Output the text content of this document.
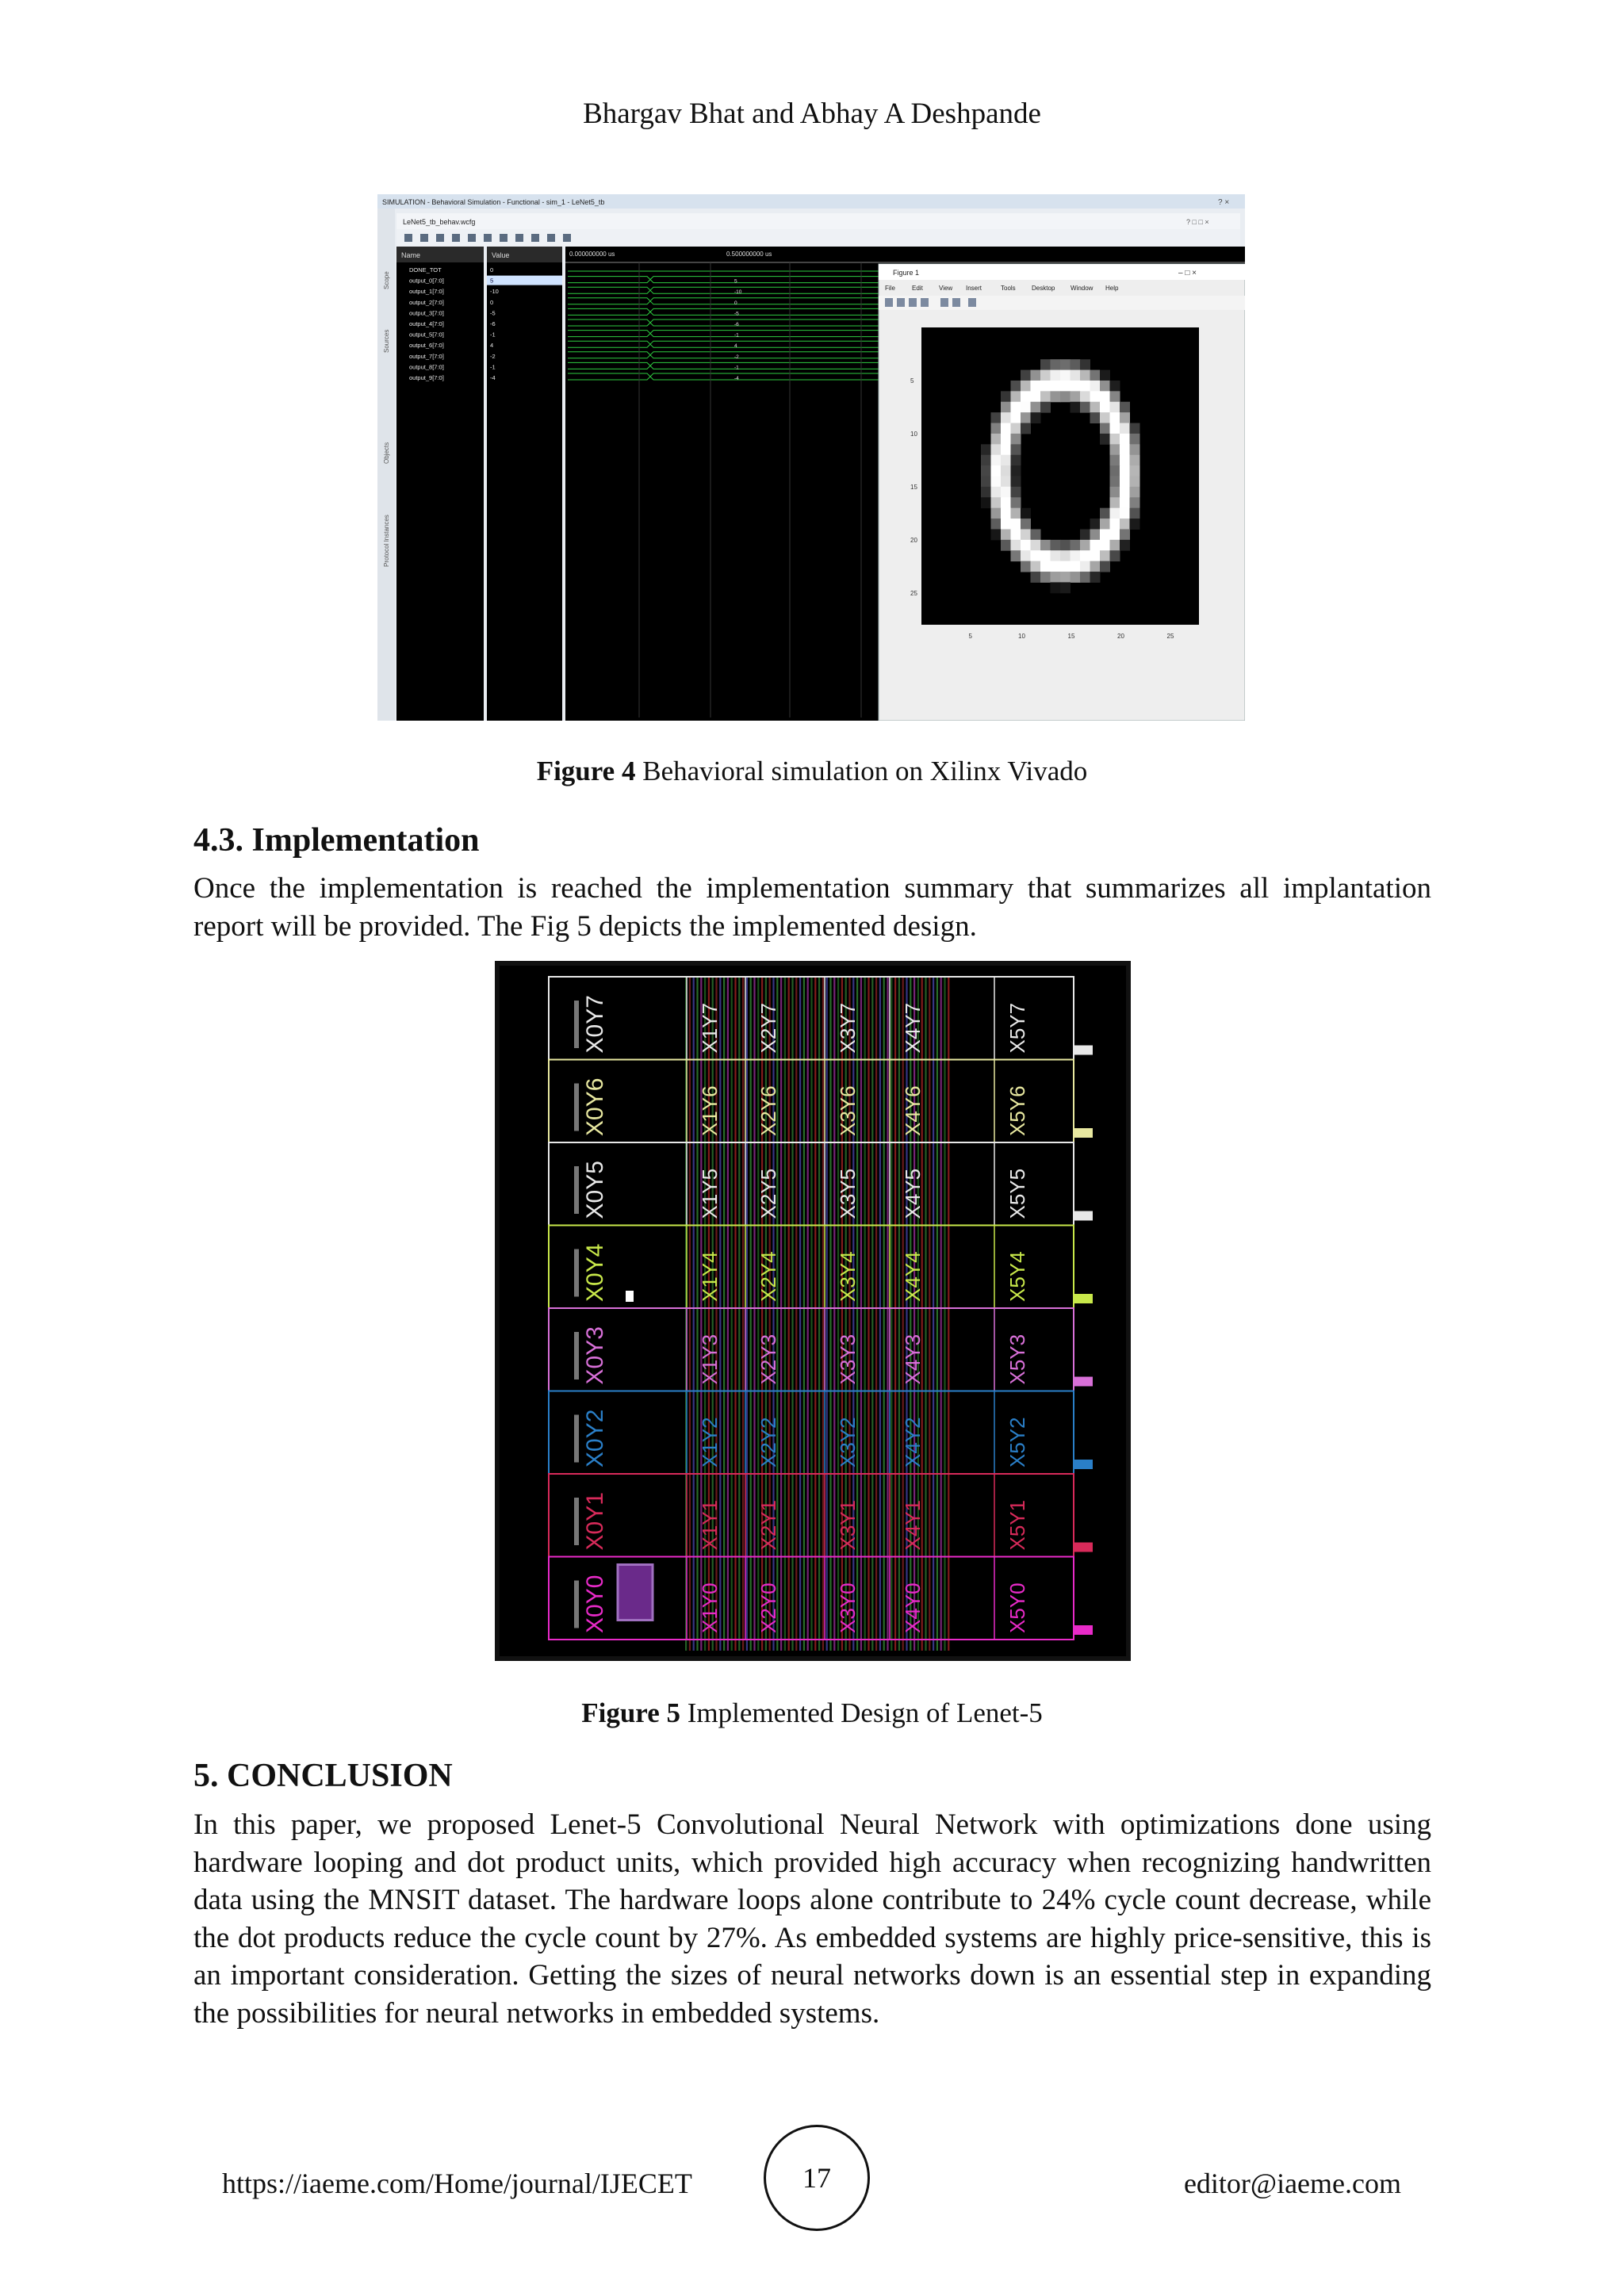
Bhargav Bhat and Abhay A Deshpande
SIMULATION - Behavioral Simulation - Functional - sim_1 - LeNet5_tb	? ×
Scope
Sources
Objects
Protocol Instances
LeNet5_tb_behav.wcfg	? □ □ ×
Name	Value	0.000000000 us	0.500000000 us
DONE_TOT	0
output_0[7:0]	5	5
output_1[7:0]	-10	-10
output_2[7:0]	0	0
output_3[7:0]	-5	-5
output_4[7:0]	-6	-6
output_5[7:0]	-1	-1
output_6[7:0]	4	4
output_7[7:0]	-2	-2
output_8[7:0]	-1	-1
output_9[7:0]	-4	-4
Figure 1	– □ ×
File	Edit	View Insert	Tools	Desktop Window Help
5
10
15
20
25
5	10	15	20	25
Figure 4 Behavioral simulation on Xilinx Vivado
4.3. Implementation
Once the implementation is reached the implementation summary that summarizes all implantation report will be provided. The Fig 5 depicts the implemented design.
X0Y7	X1Y7 X2Y7	X3Y7 X4Y7	X5Y7
X0Y6	X1Y6 X2Y6	X3Y6 X4Y6	X5Y6
X0Y5	X1Y5 X2Y5	X3Y5 X4Y5	X5Y5
X0Y4	X1Y4 X2Y4	X3Y4 X4Y4	X5Y4
X0Y3	X1Y3 X2Y3	X3Y3 X4Y3	X5Y3
X0Y2	X1Y2 X2Y2	X3Y2 X4Y2	X5Y2
X0Y1	X1Y1 X2Y1	X3Y1 X4Y1	X5Y1
X0Y0	X1Y0 X2Y0	X3Y0 X4Y0	X5Y0
Figure 5 Implemented Design of Lenet-5
5. CONCLUSION
In this paper, we proposed Lenet-5 Convolutional Neural Network with optimizations done using hardware looping and dot product units, which provided high accuracy when recognizing handwritten data using the MNSIT dataset. The hardware loops alone contribute to 24% cycle count decrease, while the dot products reduce the cycle count by 27%. As embedded systems are highly price-sensitive, this is an important consideration. Getting the sizes of neural networks down is an essential step in expanding the possibilities for neural networks in embedded systems.
https://iaeme.com/Home/journal/IJECET	17	editor@iaeme.com
